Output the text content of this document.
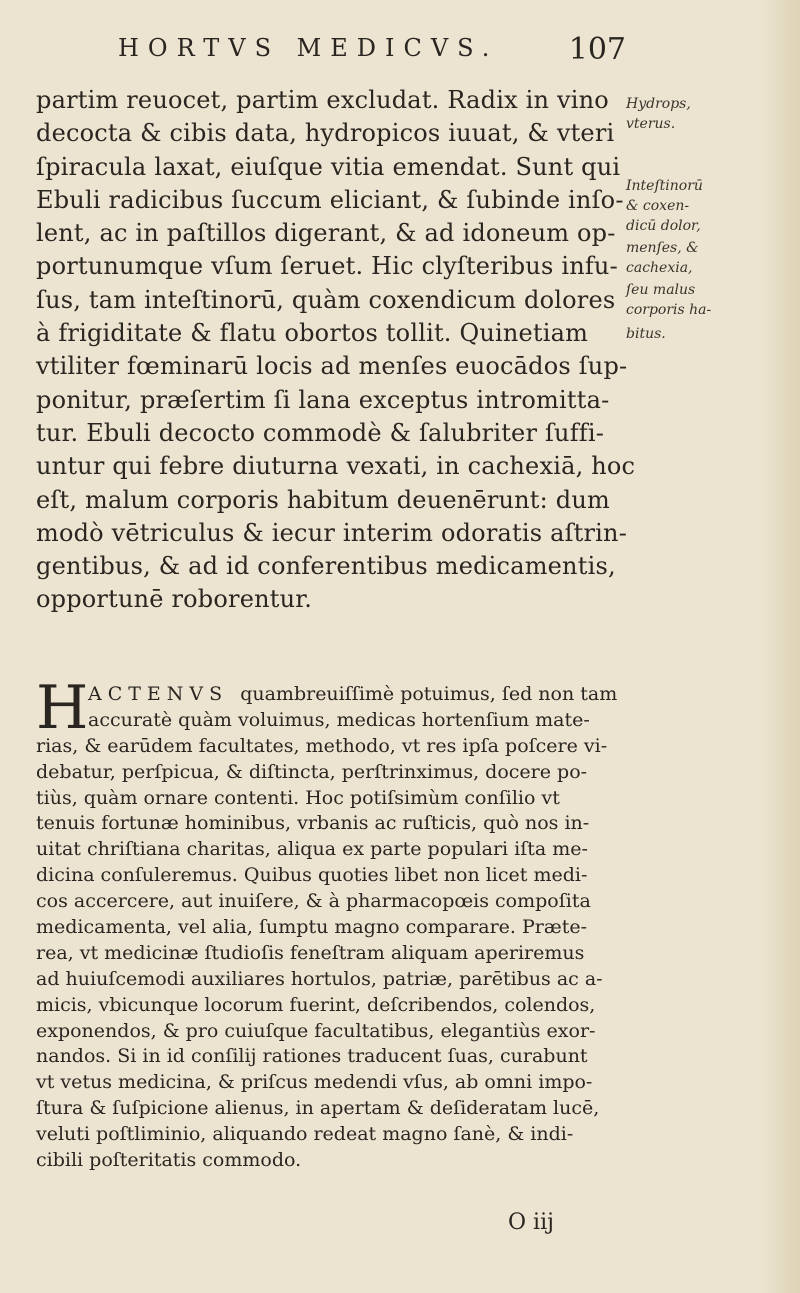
HORTVS MEDICVS. 107
partim reuocet, partim excludat. Radix in vino
decocta & cibis data, hydropicos iuuat, & vteri
ſpiracula laxat, eiuſque vitia emendat. Sunt qui
Ebuli radicibus ſuccum eliciant, & ſubinde inſo-
lent, ac in paſtillos digerant, & ad idoneum op-
portunumque vſum ſeruet. Hic clyſteribus infu-
ſus, tam inteſtinorū, quàm coxendicum dolores
à frigiditate & flatu obortos tollit. Quinetiam
vtiliter fœminarū locis ad menſes euocādos ſup-
ponitur, præſertim ſi lana exceptus intromitta-
tur. Ebuli decocto commodè & ſalubriter ſuffi-
untur qui febre diuturna vexati, in cachexiā, hoc
eſt, malum corporis habitum deuenērunt: dum
modò vētriculus & iecur interim odoratis aſtrin-
gentibus, & ad id conferentibus medicamentis,
opportunē roborentur.
Hydrops,
vterus.
Inteſtinorū
& coxen-
dicū dolor,
menſes, &
cachexia,
ſeu malus
corporis ha-
bitus.
H ACTENVS quambreuiſſimè potuimus, ſed non tam
accuratè quàm voluimus, medicas hortenſium mate-
rias, & earūdem facultates, methodo, vt res ipſa poſcere vi-
debatur, perſpicua, & diſtincta, perſtrinximus, docere po-
tiùs, quàm ornare contenti. Hoc potiſsimùm conſilio vt
tenuis fortunæ hominibus, vrbanis ac ruſticis, quò nos in-
uitat chriſtiana charitas, aliqua ex parte populari iſta me-
dicina conſuleremus. Quibus quoties libet non licet medi-
cos accercere, aut inuiſere, & à pharmacopœis compoſita
medicamenta, vel alia, ſumptu magno comparare. Præte-
rea, vt medicinæ ſtudioſis feneſtram aliquam aperiremus
ad huiuſcemodi auxiliares hortulos, patriæ, parētibus ac a-
micis, vbicunque locorum fuerint, deſcribendos, colendos,
exponendos, & pro cuiuſque facultatibus, elegantiùs exor-
nandos. Si in id conſilij rationes traducent ſuas, curabunt
vt vetus medicina, & priſcus medendi vſus, ab omni impo-
ſtura & ſuſpicione alienus, in apertam & deſideratam lucē,
veluti poſtliminio, aliquando redeat magno ſanè, & indi-
cibili poſteritatis commodo.
O iij
